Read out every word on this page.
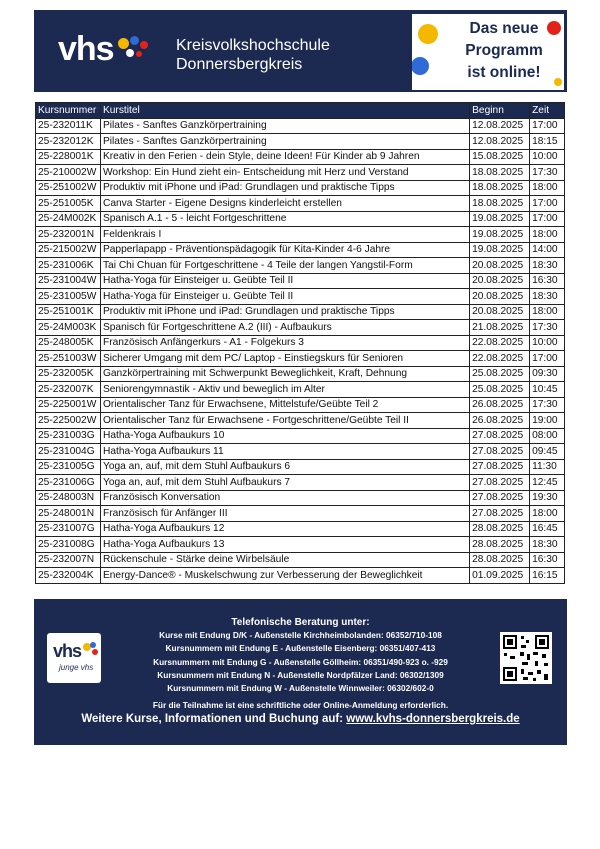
vhs	Kreisvolkshochschule
Donnersbergkreis
Das neue
Programm
ist online!
Kursnummer	Kurstitel	Beginn	Zeit
25-232011K	Pilates - Sanftes Ganzkörpertraining	12.08.2025	17:00
25-232012K	Pilates - Sanftes Ganzkörpertraining	12.08.2025	18:15
25-228001K	Kreativ in den Ferien - dein Style, deine Ideen! Für Kinder ab 9 Jahren	15.08.2025	10:00
25-210002W	Workshop: Ein Hund zieht ein- Entscheidung mit Herz und Verstand	18.08.2025	17:30
25-251002W	Produktiv mit iPhone und iPad: Grundlagen und praktische Tipps	18.08.2025	18:00
25-251005K	Canva Starter - Eigene Designs kinderleicht erstellen	18.08.2025	17:00
25-24M002K	Spanisch A.1 - 5 - leicht Fortgeschrittene	19.08.2025	17:00
25-232001N	Feldenkrais I	19.08.2025	18:00
25-215002W	Papperlapapp - Präventionspädagogik für Kita-Kinder 4-6 Jahre	19.08.2025	14:00
25-231006K	Tai Chi Chuan für Fortgeschrittene - 4 Teile der langen Yangstil-Form	20.08.2025	18:30
25-231004W	Hatha-Yoga für Einsteiger u. Geübte Teil II	20.08.2025	16:30
25-231005W	Hatha-Yoga für Einsteiger u. Geübte Teil II	20.08.2025	18:30
25-251001K	Produktiv mit iPhone und iPad: Grundlagen und praktische Tipps	20.08.2025	18:00
25-24M003K	Spanisch für Fortgeschrittene A.2 (III) - Aufbaukurs	21.08.2025	17:30
25-248005K	Französisch Anfängerkurs - A1 - Folgekurs 3	22.08.2025	10:00
25-251003W	Sicherer Umgang mit dem PC/ Laptop - Einstiegskurs für Senioren	22.08.2025	17:00
25-232005K	Ganzkörpertraining mit Schwerpunkt Beweglichkeit, Kraft, Dehnung	25.08.2025	09:30
25-232007K	Seniorengymnastik - Aktiv und beweglich im Alter	25.08.2025	10:45
25-225001W	Orientalischer Tanz für Erwachsene, Mittelstufe/Geübte Teil 2	26.08.2025	17:30
25-225002W	Orientalischer Tanz für Erwachsene - Fortgeschrittene/Geübte Teil II	26.08.2025	19:00
25-231003G	Hatha-Yoga Aufbaukurs 10	27.08.2025	08:00
25-231004G	Hatha-Yoga Aufbaukurs 11	27.08.2025	09:45
25-231005G	Yoga an, auf, mit dem Stuhl Aufbaukurs 6	27.08.2025	11:30
25-231006G	Yoga an, auf, mit dem Stuhl Aufbaukurs 7	27.08.2025	12:45
25-248003N	Französisch Konversation	27.08.2025	19:30
25-248001N	Französisch für Anfänger III	27.08.2025	18:00
25-231007G	Hatha-Yoga Aufbaukurs 12	28.08.2025	16:45
25-231008G	Hatha-Yoga Aufbaukurs 13	28.08.2025	18:30
25-232007N	Rückenschule - Stärke deine Wirbelsäule	28.08.2025	16:30
25-232004K	Energy-Dance® - Muskelschwung zur Verbesserung der Beweglichkeit	01.09.2025	16:15
vhs
junge vhs
Telefonische Beratung unter:
Kurse mit Endung D/K - Außenstelle Kirchheimbolanden: 06352/710-108
Kursnummern mit Endung E - Außenstelle Eisenberg: 06351/407-413
Kursnummern mit Endung G - Außenstelle Göllheim: 06351/490-923 o. -929
Kursnummern mit Endung N - Außenstelle Nordpfälzer Land: 06302/1309
Kursnummern mit Endung W - Außenstelle Winnweiler: 06302/602-0
Für die Teilnahme ist eine schriftliche oder Online-Anmeldung erforderlich.
Weitere Kurse, Informationen und Buchung auf: www.kvhs-donnersbergkreis.de
